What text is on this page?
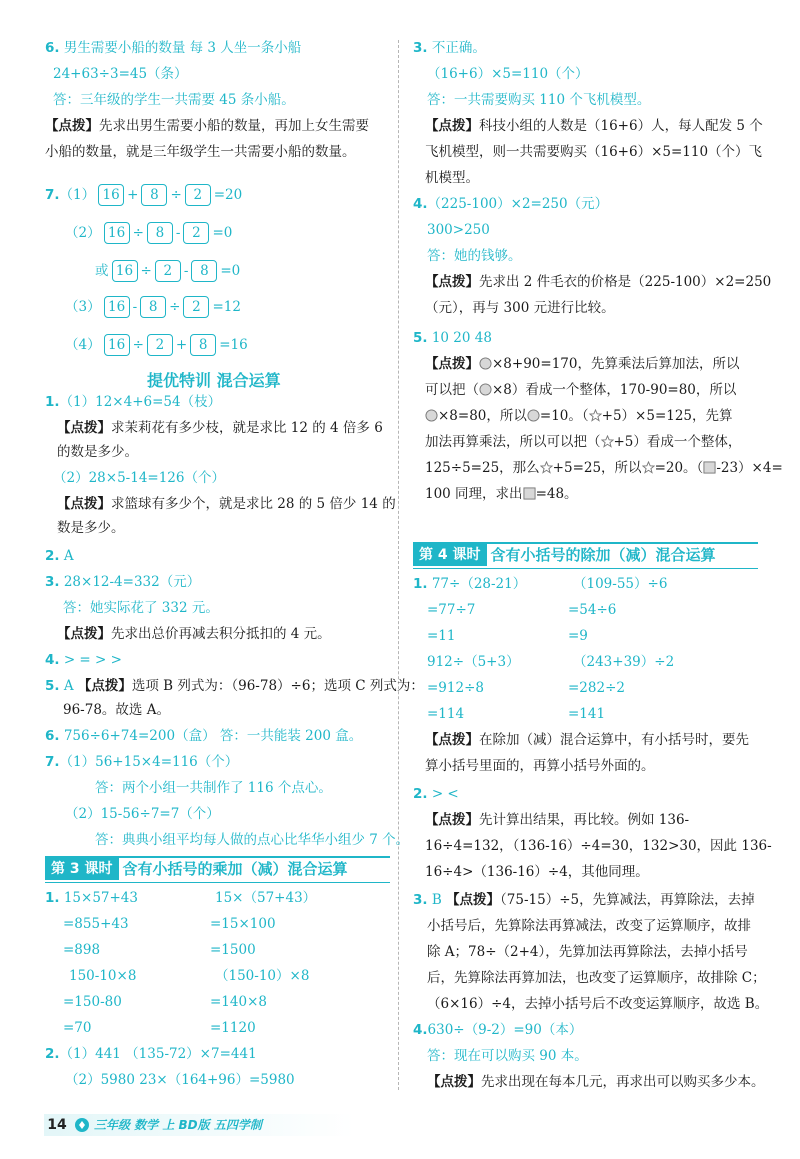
6. 男生需要小船的数量 每 3 人坐一条小船
24+63÷3=45（条）
答：三年级的学生一共需要 45 条小船。
【点拨】先求出男生需要小船的数量，再加上女生需要
小船的数量，就是三年级学生一共需要小船的数量。
7.（1） 16 + 8 ÷ 2 =20
（2） 16 ÷ 8 - 2 =0
或 16 ÷ 2 - 8 =0
（3） 16 - 8 ÷ 2 =12
（4） 16 ÷ 2 + 8 =16
提优特训 混合运算
1.（1）12×4+6=54（枝）
【点拨】求茉莉花有多少枝，就是求比 12 的 4 倍多 6
的数是多少。
（2）28×5-14=126（个）
【点拨】求篮球有多少个，就是求比 28 的 5 倍少 14 的
数是多少。
2. A
3. 28×12-4=332（元）
答：她实际花了 332 元。
【点拨】先求出总价再减去积分抵扣的 4 元。
4. > = > >
5. A 【点拨】选项 B 列式为：（96-78）÷6；选项 C 列式为：
96-78。故选 A。
6. 756÷6+74=200（盒） 答：一共能装 200 盒。
7.（1）56+15×4=116（个）
答：两个小组一共制作了 116 个点心。
（2）15-56÷7=7（个）
答：典典小组平均每人做的点心比华华小组少 7 个。
第 3 课时 含有小括号的乘加（减）混合运算
1. 15×57+43	15×（57+43）
=855+43	=15×100
=898	=1500
150-10×8	（150-10）×8
=150-80	=140×8
=70	=1120
2.（1）441 （135-72）×7=441
（2）5980 23×（164+96）=5980
3. 不正确。
（16+6）×5=110（个）
答：一共需要购买 110 个飞机模型。
【点拨】科技小组的人数是（16+6）人，每人配发 5 个
飞机模型，则一共需要购买（16+6）×5=110（个）飞
机模型。
4.（225-100）×2=250（元）
300>250
答：她的钱够。
【点拨】先求出 2 件毛衣的价格是（225-100）×2=250
（元），再与 300 元进行比较。
5. 10 20 48
【点拨】 ×8+90=170，先算乘法后算加法，所以
可以把（ ×8）看成一个整体，170-90=80，所以
×8=80，所以 =10。（ +5）×5=125，先算
加法再算乘法，所以可以把（ +5）看成一个整体，
125÷5=25，那么 +5=25，所以 =20。（ -23）×4=
100 同理，求出 =48。
第 4 课时 含有小括号的除加（减）混合运算
1. 77÷（28-21）	（109-55）÷6
=77÷7	=54÷6
=11	=9
912÷（5+3）	（243+39）÷2
=912÷8	=282÷2
=114	=141
【点拨】在除加（减）混合运算中，有小括号时，要先
算小括号里面的，再算小括号外面的。
2. > <
【点拨】先计算出结果，再比较。例如 136-
16÷4=132，（136-16）÷4=30，132>30，因此 136-
16÷4>（136-16）÷4，其他同理。
3. B 【点拨】（75-15）÷5，先算减法，再算除法，去掉
小括号后，先算除法再算减法，改变了运算顺序，故排
除 A；78÷（2+4），先算加法再算除法，去掉小括号
后，先算除法再算加法，也改变了运算顺序，故排除 C；
（6×16）÷4，去掉小括号后不改变运算顺序，故选 B。
4.630÷（9-2）=90（本）
答：现在可以购买 90 本。
【点拨】先求出现在每本几元，再求出可以购买多少本。
14 三年级 数学 上 BD版 五四学制
